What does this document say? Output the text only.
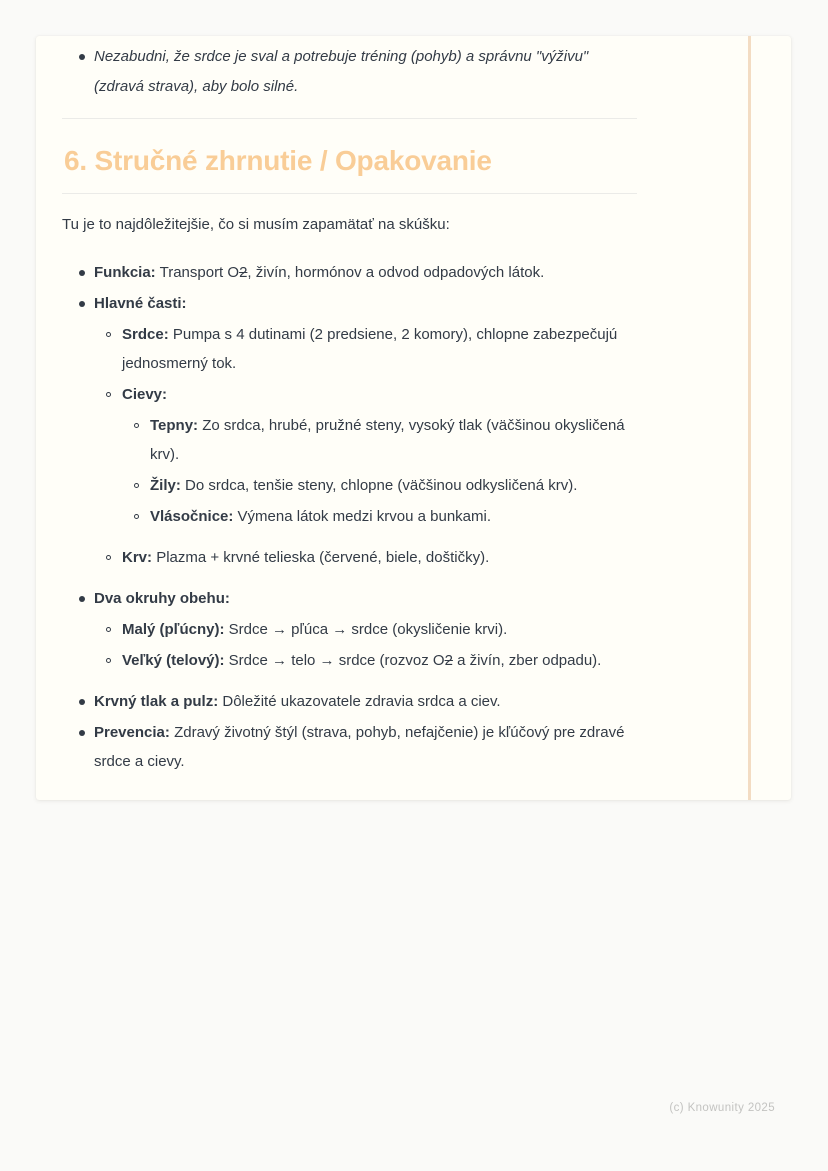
Nezabudni, že srdce je sval a potrebuje tréning (pohyb) a správnu "výživu" (zdravá strava), aby bolo silné.
6. Stručné zhrnutie / Opakovanie

Tu je to najdôležitejšie, čo si musím zapamätať na skúšku:

Funkcia: Transport O2, živín, hormónov a odvod odpadových látok.
Hlavné časti:
Srdce: Pumpa s 4 dutinami (2 predsiene, 2 komory), chlopne zabezpečujú jednosmerný tok.
Cievy:
Tepny: Zo srdca, hrubé, pružné steny, vysoký tlak (väčšinou okysličená krv).
Žily: Do srdca, tenšie steny, chlopne (väčšinou odkysličená krv).
Vlásočnice: Výmena látok medzi krvou a bunkami.
Krv: Plazma + krvné telieska (červené, biele, doštičky).
Dva okruhy obehu:
Malý (pľúcny): Srdce → pľúca → srdce (okysličenie krvi).
Veľký (telový): Srdce → telo → srdce (rozvoz O2 a živín, zber odpadu).
Krvný tlak a pulz: Dôležité ukazovatele zdravia srdca a ciev.
Prevencia: Zdravý životný štýl (strava, pohyb, nefajčenie) je kľúčový pre zdravé srdce a cievy.
(c) Knowunity 2025
